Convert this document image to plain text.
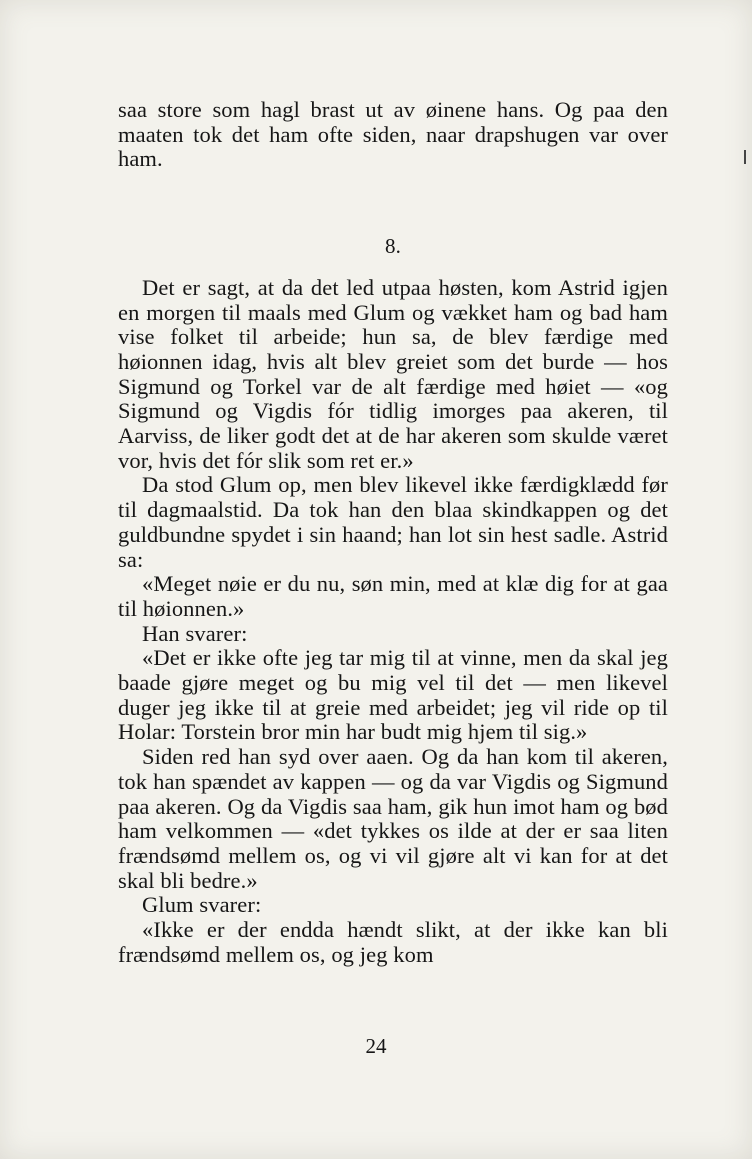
saa store som hagl brast ut av øinene hans. Og paa den maaten tok det ham ofte siden, naar drapshugen var over ham.

8.

Det er sagt, at da det led utpaa høsten, kom Astrid igjen en morgen til maals med Glum og vækket ham og bad ham vise folket til arbeide; hun sa, de blev færdige med høionnen idag, hvis alt blev greiet som det burde — hos Sigmund og Torkel var de alt færdige med høiet — «og Sigmund og Vigdis fór tidlig imorges paa akeren, til Aarviss, de liker godt det at de har akeren som skulde været vor, hvis det fór slik som ret er.»

Da stod Glum op, men blev likevel ikke færdigklædd før til dagmaalstid. Da tok han den blaa skindkappen og det guldbundne spydet i sin haand; han lot sin hest sadle. Astrid sa:

«Meget nøie er du nu, søn min, med at klæ dig for at gaa til høionnen.»

Han svarer:

«Det er ikke ofte jeg tar mig til at vinne, men da skal jeg baade gjøre meget og bu mig vel til det — men likevel duger jeg ikke til at greie med arbeidet; jeg vil ride op til Holar: Torstein bror min har budt mig hjem til sig.»

Siden red han syd over aaen. Og da han kom til akeren, tok han spændet av kappen — og da var Vigdis og Sigmund paa akeren. Og da Vigdis saa ham, gik hun imot ham og bød ham velkommen — «det tykkes os ilde at der er saa liten frændsømd mellem os, og vi vil gjøre alt vi kan for at det skal bli bedre.»

Glum svarer:

«Ikke er der endda hændt slikt, at der ikke kan bli frændsømd mellem os, og jeg kom

24
